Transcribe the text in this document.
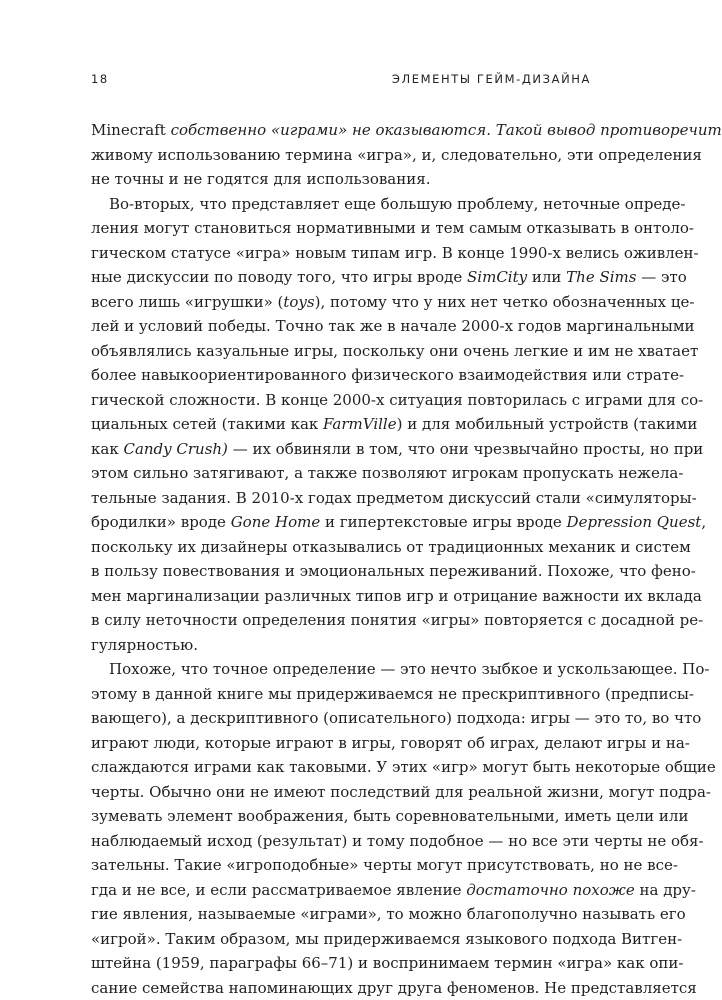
18	ЭЛЕМЕНТЫ ГЕЙМ-ДИЗАЙНА
Minecraft собственно «играми» не оказываются. Такой вывод противоречит
живому использованию термина «игра», и, следовательно, эти определения
не точны и не годятся для использования.
Во-вторых, что представляет еще большую проблему, неточные опреде-
ления могут становиться нормативными и тем самым отказывать в онтоло-
гическом статусе «игра» новым типам игр. В конце 1990-х велись оживлен-
ные дискуссии по поводу того, что игры вроде SimCity или The Sims — это
всего лишь «игрушки» (toys), потому что у них нет четко обозначенных це-
лей и условий победы. Точно так же в начале 2000-х годов маргинальными
объявлялись казуальные игры, поскольку они очень легкие и им не хватает
более навыкоориентированного физического взаимодействия или страте-
гической сложности. В конце 2000-х ситуация повторилась с играми для со-
циальных сетей (такими как FarmVille) и для мобильный устройств (такими
как Candy Crush) — их обвиняли в том, что они чрезвычайно просты, но при
этом сильно затягивают, а также позволяют игрокам пропускать нежела-
тельные задания. В 2010-х годах предметом дискуссий стали «симуляторы-
бродилки» вроде Gone Home и гипертекстовые игры вроде Depression Quest,
поскольку их дизайнеры отказывались от традиционных механик и систем
в пользу повествования и эмоциональных переживаний. Похоже, что фено-
мен маргинализации различных типов игр и отрицание важности их вклада
в силу неточности определения понятия «игры» повторяется с досадной ре-
гулярностью.
Похоже, что точное определение — это нечто зыбкое и ускользающее. По-
этому в данной книге мы придерживаемся не прескриптивного (предписы-
вающего), а дескриптивного (описательного) подхода: игры — это то, во что
играют люди, которые играют в игры, говорят об играх, делают игры и на-
слаждаются играми как таковыми. У этих «игр» могут быть некоторые общие
черты. Обычно они не имеют последствий для реальной жизни, могут подра-
зумевать элемент воображения, быть соревновательными, иметь цели или
наблюдаемый исход (результат) и тому подобное — но все эти черты не обя-
зательны. Такие «игроподобные» черты могут присутствовать, но не все-
гда и не все, и если рассматриваемое явление достаточно похоже на дру-
гие явления, называемые «играми», то можно благополучно называть его
«игрой». Таким образом, мы придерживаемся языкового подхода Витген-
штейна (1959, параграфы 66–71) и воспринимаем термин «игра» как опи-
сание семейства напоминающих друг друга феноменов. Не представляется
